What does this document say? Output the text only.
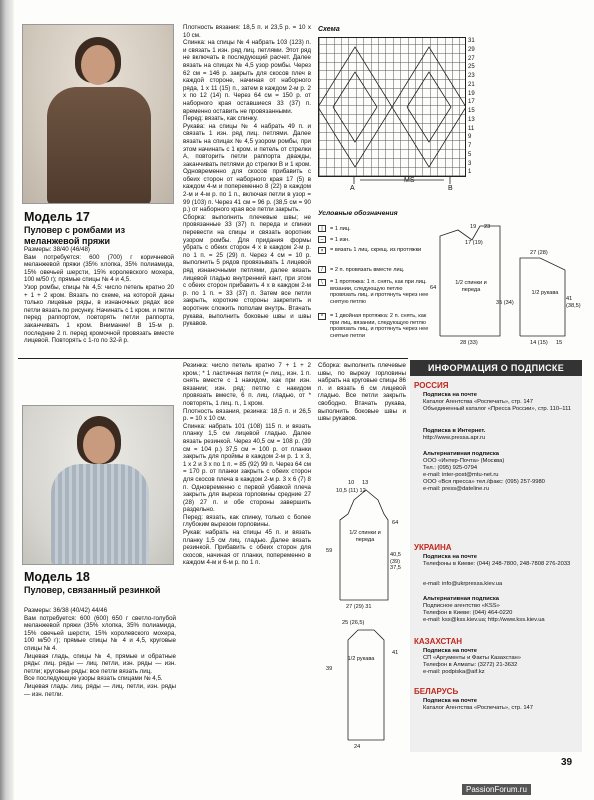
Модель 17
Пуловер с ромбами из меланжевой пряжи

Размеры: 38/40 (46/48)

Вам потребуется: 600 (700) г коричневой меланжевой пряжи (35% хлопка, 35% полиамида, 15% овечьей шерсти, 15% королевского мохера, 100 м/50 г); прямые спицы № 4 и 4,5.

Узор ромбы, спицы № 4,5: число петель кратно 20 + 1 + 2 кром. Вязать по схеме, на которой даны только лицевые ряды, в изнаночных рядах все петли вязать по рисунку. Начинать с 1 кром. и петли перед раппортом, повторять петли раппорта, заканчивать 1 кром. Внимание! В 15-м р. последние 2 п. перед кромочной провязать вместе лицевой. Повторять с 1-го по 32-й р.

Плотность вязания: 18,5 п. и 23,5 р. = 10 х 10 см.

Спинка: на спицы № 4 набрать 103 (123) п. и связать 1 изн. ряд лиц. петлями. Этот ряд не включать в последующий расчет. Далее вязать на спицах № 4,5 узор ромбы. Через 62 см = 146 р. закрыть для скосов плеч в каждой стороне, начиная от наборного ряда, 1 х 11 (15) п., затем в каждом 2-м р. 2 х по 12 (14) п. Через 64 см = 150 р. от наборного края оставшиеся 33 (37) п. временно оставить не провязанными.

Перед: вязать, как спинку.

Рукава: на спицы № 4 набрать 49 п. и связать 1 изн. ряд лиц. петлями. Далее вязать на спицах № 4,5 узором ромбы, при этом начинать с 1 кром. и петель от стрелки А, повторить петли раппорта дважды, заканчивать петлями до стрелки В и 1 кром. Одновременно для скосов прибавить с обеих сторон от наборного края 17 (5) в каждом 4-м и попеременно 8 (22) в каждом 2-м и 4-м р. по 1 п., включая петли в узор = 99 (103) п. Через 41 см = 96 р. (38,5 см = 90 р.) от наборного края все петли закрыть.

Сборка: выполнить плечевые швы; не провязанные 33 (37) п. переда и спинки перевести на спицы и связать воротник узором ромбы. Для придания формы убрать с обеих сторон 4 х в каждом 2-м р. по 1 п. = 25 (29) п. Через 4 см = 10 р. выполнить 5 рядов провязывать 1 лицевой ряд изнаночными петлями, далее вязать лицевой гладью внутренний кант, при этом с обеих сторон прибавить 4 х в каждом 2-м р. по 1 п. = 33 (37) п. Затем все петли закрыть, короткие стороны закрепить и воротник сложить пополам внутрь. Втачать рукава, выполнить боковые швы и швы рукавов.

Схема
31
29
27
25
23
21
19
17
15
13
11
9
7
5
3
1
A
MS
B
Условные обозначения
|	= 1 лиц.
–	= 1 изн.
×	= вязать 1 лиц. скрещ. из протяжки
/	= 2 п. провязать вместе лиц.
\	= 1 протяжка: 1 п. снять, как при лиц. вязании, следующую петлю провязать лиц. и протянуть через нее снятую петлю
^	= 1 двойная протяжка: 2 п. снять, как при лиц. вязании, следующую петлю провязать лиц. и протянуть через нее снятые петли
1/2 спинки и переда
1/2 рукава
19 23
17 (19)
64
35 (34)
28 (33)
27 (28)
41 (38,5)
14 (15) 15
Модель 18
Пуловер, связанный резинкой

Размеры: 36/38 (40/42) 44/46

Вам потребуется: 600 (600) 650 г светло-голубой меланжевой пряжи (35% хлопка, 35% полиамида, 15% овечьей шерсти, 15% королевского мохера, 100 м/50 г); прямые спицы № 4 и 4,5, круговые спицы № 4.

Лицевая гладь, спицы № 4, прямые и обратные ряды: лиц. ряды — лиц. петли, изн. ряды — изн. петли; круговые ряды: все петли вязать лиц.

Все последующие узоры вязать спицами № 4,5.

Лицевая гладь: лиц. ряды — лиц. петли, изн. ряды — изн. петли.

Резинка: число петель кратно 7 + 1 + 2 кром.; * 1 ластичная петля (= лиц., изн. 1 п. снять вместе с 1 накидом, как при изн. вязании; изн. ряд: петлю с накидом провязать вместе, 6 п. лиц. гладью, от * повторять, 1 лиц. п., 1 кром.

Плотность вязания, резинка: 18,5 п. и 26,5 р. = 10 х 10 см.

Спинка: набрать 101 (108) 115 п. и вязать планку 1,5 см лицевой гладью. Далее вязать резинкой. Через 40,5 см = 108 р. (39 см = 104 р.) 37,5 см = 100 р. от планки закрыть для проймы в каждом 2-м р. 1 х 3, 1 х 2 и 3 х по 1 п. = 85 (92) 99 п. Через 64 см = 170 р. от планки закрыть с обеих сторон для скосов плеча в каждом 2-м р. 3 х 6 (7) 8 п. Одновременно с первой убавкой плеча закрыть для выреза горловины средние 27 (28) 27 п. и обе стороны завершить раздельно.

Перед: вязать, как спинку, только с более глубоким вырезом горловины.

Рукав: набрать на спицы 45 п. и вязать планку 1,5 см лиц. гладью. Далее вязать резинкой. Прибавить с обеих сторон для скосов, начиная от планки, попеременно в каждом 4-м и 6-м р. по 1 п.

Сборка: выполнить плечевые швы, по вырезу горловины набрать на круговые спицы 86 п. и вязать 6 см лицевой гладью. Все петли закрыть свободно. Втачать рукава, выполнить боковые швы и швы рукавов.

1/2 спинки и переда
1/2 рукава
10 13
10,5 (11) 12
59
40,5 (39) 37,5
27 (29) 31
64
25 (26,5)
41
39
24
ИНФОРМАЦИЯ О ПОДПИСКЕ
РОССИЯ
Подписка на почте
Каталог Агентства «Роспечать», стр. 147
Объединенный каталог «Пресса России», стр. 110–111
Подписка в Интернет.
http://www.pressa.apr.ru
Альтернативная подписка
ООО «Интер-Почта» (Москва)
Тел.: (095) 925-0794
e-mail: inter-post@mtu-net.ru
ООО «Вся пресса» тел./факс: (095) 257-9980
e-mail: press@dateline.ru
УКРАИНА
Подписка на почте
Телефоны в Киеве: (044) 248-7800, 248-7808 276-2033
e-mail: info@ukrpressa.kiev.ua
Альтернативная подписка
Подписное агентство «KSS»
Телефон в Киеве: (044) 464-0220
e-mail: kss@kss.kiev.ua; http://www.kss.kiev.ua
КАЗАХСТАН
Подписка на почте
СП «Аргументы и Факты Казахстан»
Телефон в Алматы: (3272) 21-3632
e-mail: podpiska@aif.kz
БЕЛАРУСЬ
Подписка на почте
Каталог Агентства «Роспечать», стр. 147
39
PassionForum.ru
